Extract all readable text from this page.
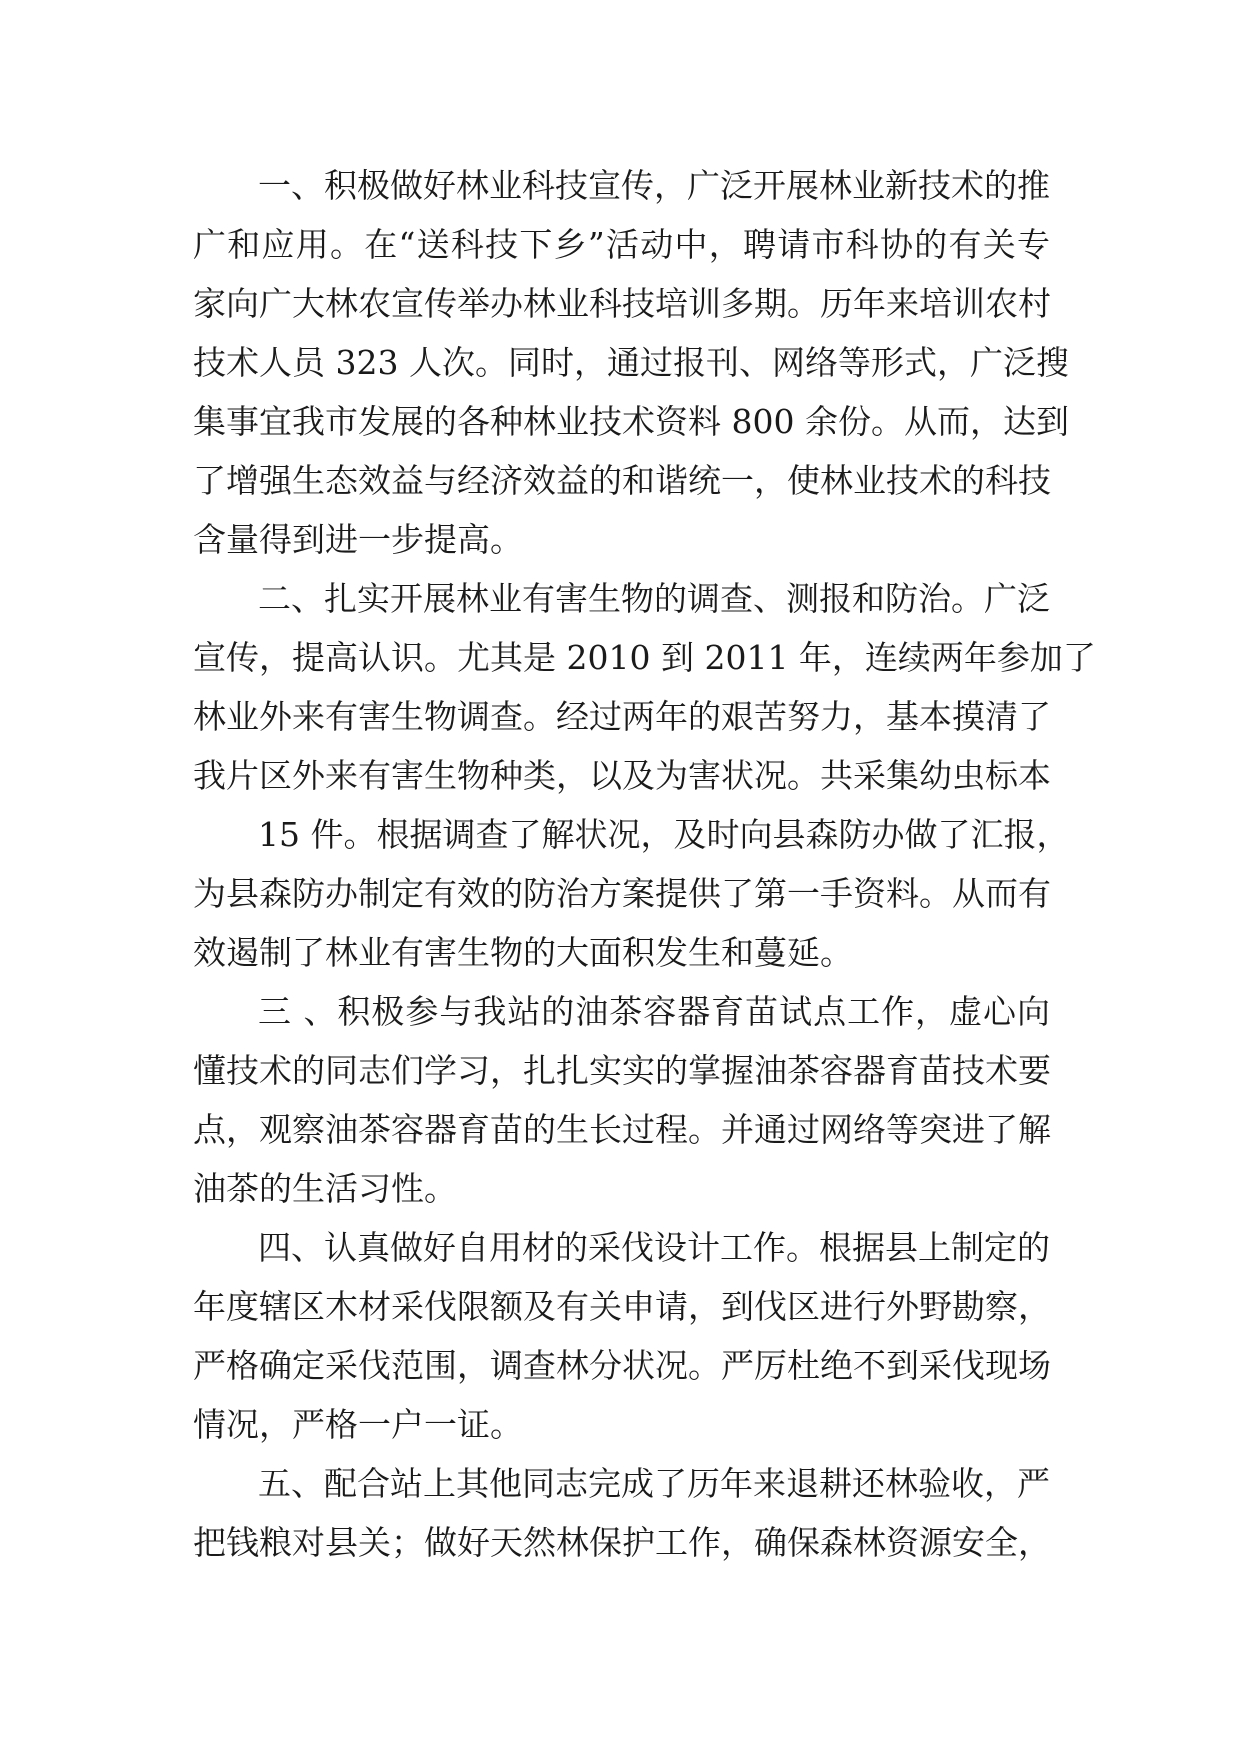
一、积极做好林业科技宣传，广泛开展林业新技术的推
广和应用。在“送科技下乡”活动中，聘请市科协的有关专
家向广大林农宣传举办林业科技培训多期。历年来培训农村
技术人员 323 人次。同时，通过报刊、网络等形式，广泛搜
集事宜我市发展的各种林业技术资料 800 余份。从而，达到
了增强生态效益与经济效益的和谐统一，使林业技术的科技
含量得到进一步提高。
二、扎实开展林业有害生物的调查、测报和防治。广泛
宣传，提高认识。尤其是 2010 到 2011 年，连续两年参加了
林业外来有害生物调查。经过两年的艰苦努力，基本摸清了
我片区外来有害生物种类，以及为害状况。共采集幼虫标本
15 件。根据调查了解状况，及时向县森防办做了汇报，
为县森防办制定有效的防治方案提供了第一手资料。从而有
效遏制了林业有害生物的大面积发生和蔓延。
三 、积极参与我站的油茶容器育苗试点工作，虚心向
懂技术的同志们学习，扎扎实实的掌握油茶容器育苗技术要
点，观察油茶容器育苗的生长过程。并通过网络等突进了解
油茶的生活习性。
四、认真做好自用材的采伐设计工作。根据县上制定的
年度辖区木材采伐限额及有关申请，到伐区进行外野勘察，
严格确定采伐范围，调查林分状况。严厉杜绝不到采伐现场
情况，严格一户一证。
五、配合站上其他同志完成了历年来退耕还林验收，严
把钱粮对县关；做好天然林保护工作，确保森林资源安全，
